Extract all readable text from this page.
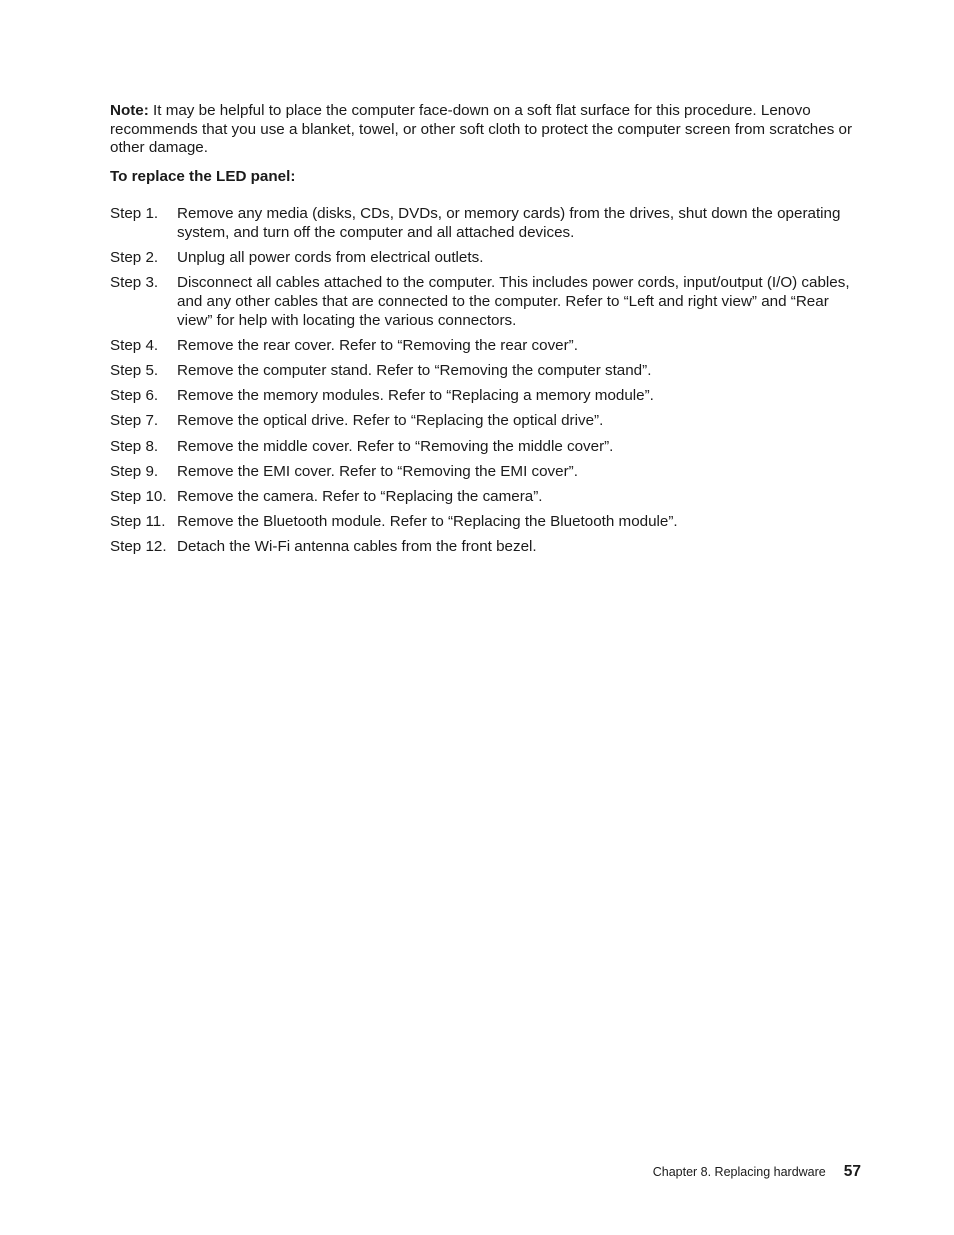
Note: It may be helpful to place the computer face-down on a soft flat surface for this procedure. Lenovo recommends that you use a blanket, towel, or other soft cloth to protect the computer screen from scratches or other damage.

To replace the LED panel:
Step 1.	Remove any media (disks, CDs, DVDs, or memory cards) from the drives, shut down the operating system, and turn off the computer and all attached devices.
Step 2.	Unplug all power cords from electrical outlets.
Step 3.	Disconnect all cables attached to the computer. This includes power cords, input/output (I/O) cables, and any other cables that are connected to the computer. Refer to “Left and right view” and “Rear view” for help with locating the various connectors.
Step 4.	Remove the rear cover. Refer to “Removing the rear cover”.
Step 5.	Remove the computer stand. Refer to “Removing the computer stand”.
Step 6.	Remove the memory modules. Refer to “Replacing a memory module”.
Step 7.	Remove the optical drive. Refer to “Replacing the optical drive”.
Step 8.	Remove the middle cover. Refer to “Removing the middle cover”.
Step 9.	Remove the EMI cover. Refer to “Removing the EMI cover”.
Step 10. Remove the camera. Refer to “Replacing the camera”.
Step 11. Remove the Bluetooth module. Refer to “Replacing the Bluetooth module”.
Step 12. Detach the Wi-Fi antenna cables from the front bezel.
Chapter 8. Replacing hardware 57
